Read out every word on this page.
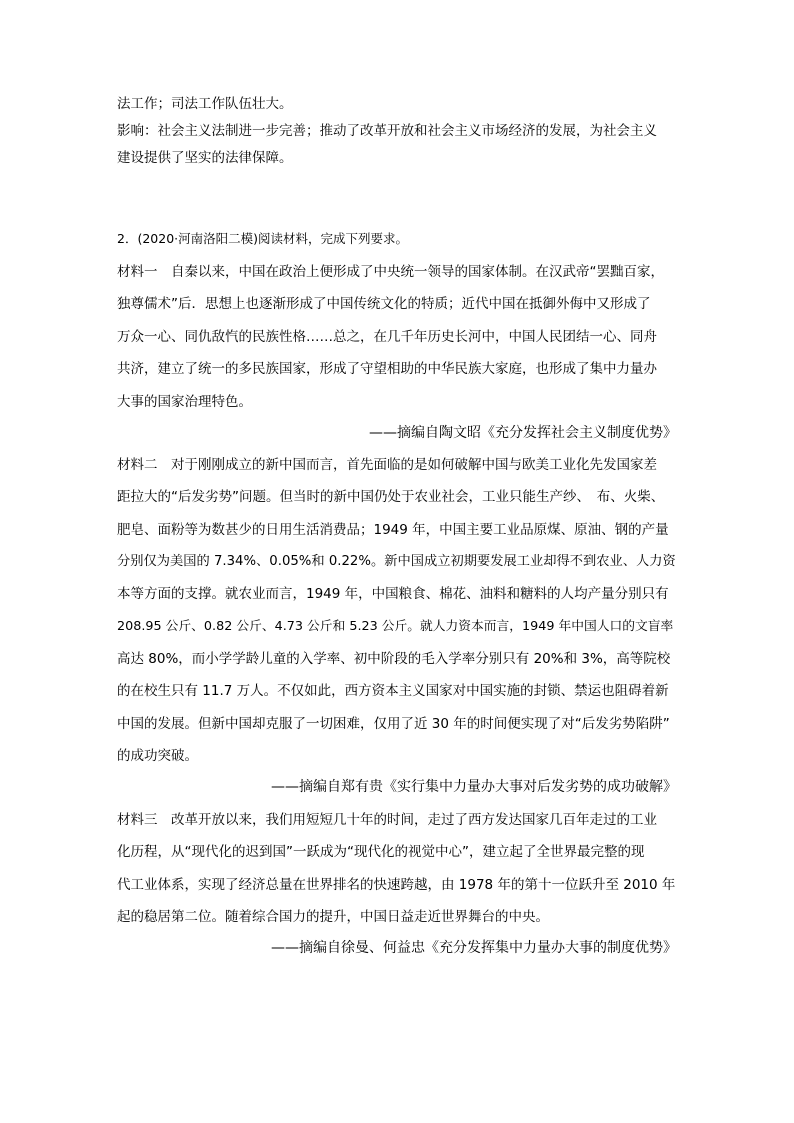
法工作；司法工作队伍壮大。
影响：社会主义法制进一步完善；推动了改革开放和社会主义市场经济的发展，为社会主义
建设提供了坚实的法律保障。
2．(2020·河南洛阳二模)阅读材料，完成下列要求。
材料一　自秦以来，中国在政治上便形成了中央统一领导的国家体制。在汉武帝“罢黜百家，
独尊儒术”后．思想上也逐渐形成了中国传统文化的特质；近代中国在抵御外侮中又形成了
万众一心、同仇敌忾的民族性格……总之，在几千年历史长河中，中国人民团结一心、同舟
共济，建立了统一的多民族国家，形成了守望相助的中华民族大家庭，也形成了集中力量办
大事的国家治理特色。
——摘编自陶文昭《充分发挥社会主义制度优势》
材料二　对于刚刚成立的新中国而言，首先面临的是如何破解中国与欧美工业化先发国家差
距拉大的“后发劣势”问题。但当时的新中国仍处于农业社会，工业只能生产纱、　布、火柴、
肥皂、面粉等为数甚少的日用生活消费品；1949 年，中国主要工业品原煤、原油、钢的产量
分别仅为美国的 7.34%、0.05%和 0.22%。新中国成立初期要发展工业却得不到农业、人力资
本等方面的支撑。就农业而言，1949 年，中国粮食、棉花、油料和糖料的人均产量分别只有
208.95 公斤、0.82 公斤、4.73 公斤和 5.23 公斤。就人力资本而言，1949 年中国人口的文盲率
高达 80%，而小学学龄儿童的入学率、初中阶段的毛入学率分别只有 20%和 3%，高等院校
的在校生只有 11.7 万人。不仅如此，西方资本主义国家对中国实施的封锁、禁运也阻碍着新
中国的发展。但新中国却克服了一切困难，仅用了近 30 年的时间便实现了对“后发劣势陷阱”
的成功突破。
——摘编自郑有贵《实行集中力量办大事对后发劣势的成功破解》
材料三　改革开放以来，我们用短短几十年的时间，走过了西方发达国家几百年走过的工业
化历程，从“现代化的迟到国”一跃成为“现代化的视觉中心”，建立起了全世界最完整的现
代工业体系，实现了经济总量在世界排名的快速跨越，由 1978 年的第十一位跃升至 2010 年
起的稳居第二位。随着综合国力的提升，中国日益走近世界舞台的中央。
——摘编自徐曼、何益忠《充分发挥集中力量办大事的制度优势》
